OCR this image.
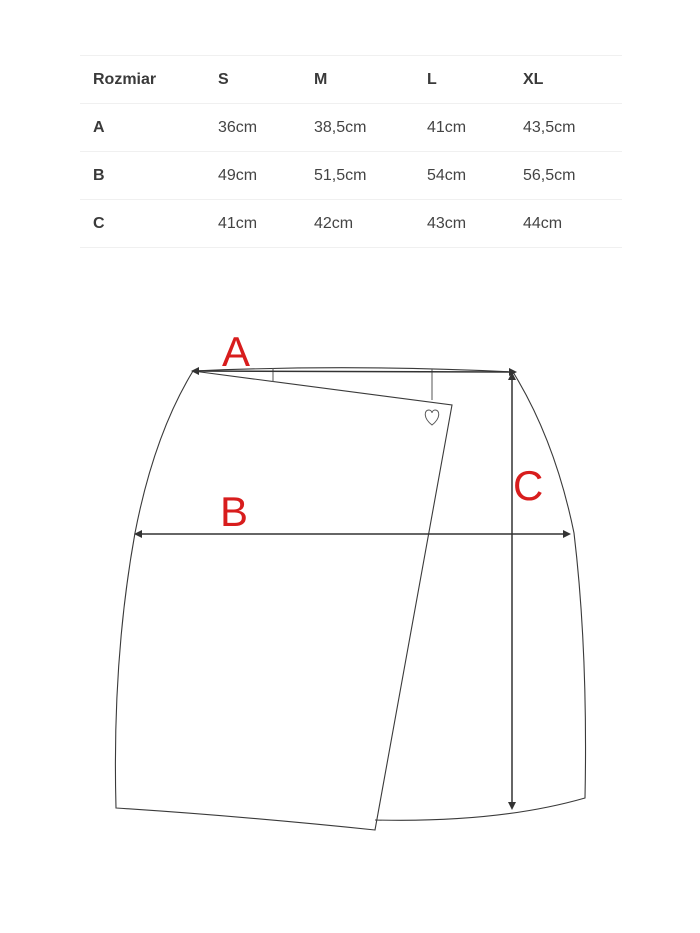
Rozmiar	S	M	L	XL
A	36cm	38,5cm	41cm	43,5cm
B	49cm	51,5cm	54cm	56,5cm
C	41cm	42cm	43cm	44cm
A
B
C
